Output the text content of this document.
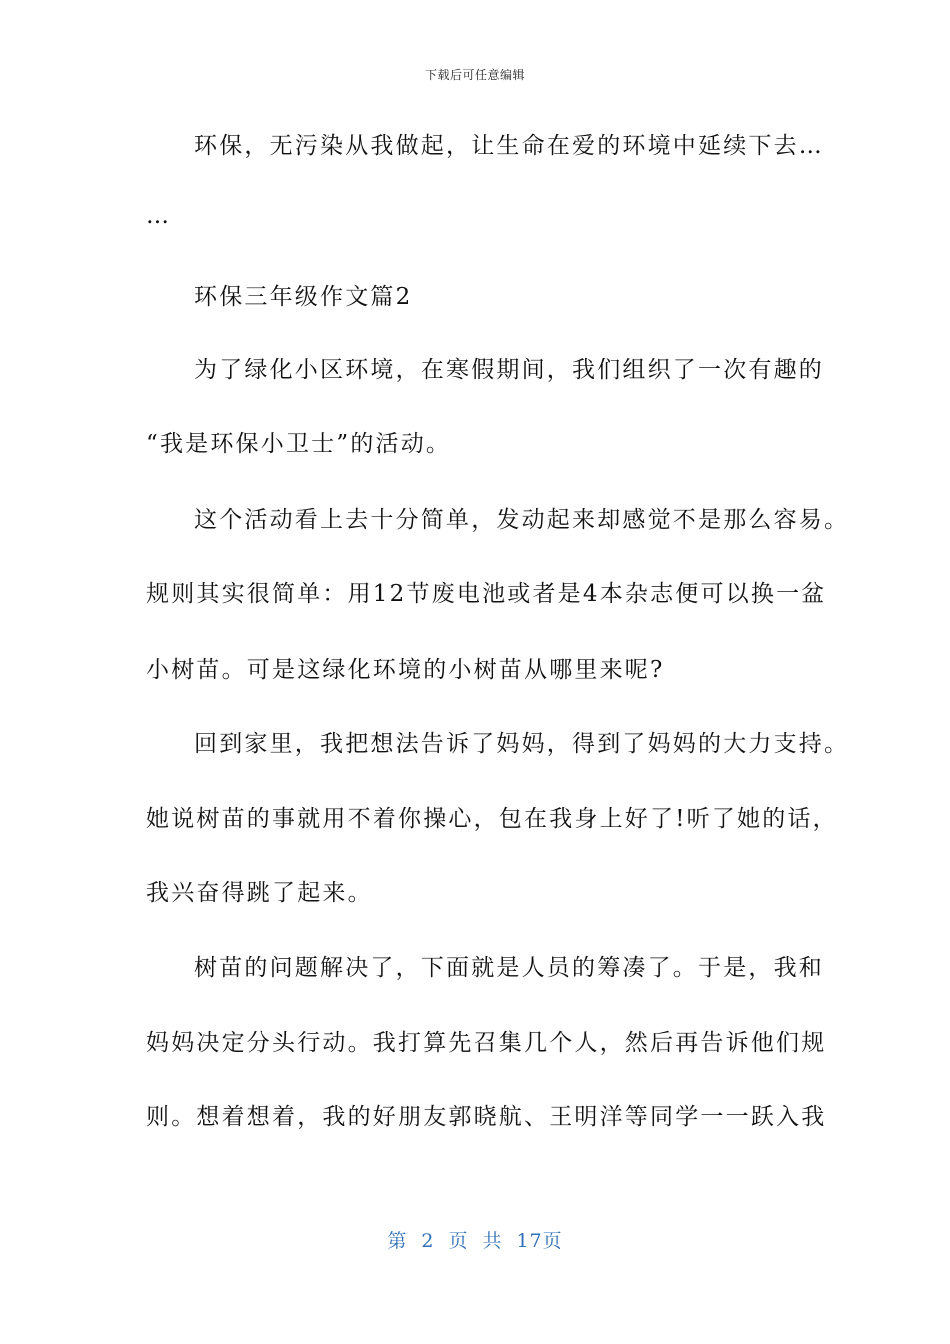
下载后可任意编辑
环保，无污染从我做起，让生命在爱的环境中延续下去…
…
环保三年级作文篇2
为了绿化小区环境，在寒假期间，我们组织了一次有趣的
“我是环保小卫士”的活动。
这个活动看上去十分简单，发动起来却感觉不是那么容易。
规则其实很简单：用12节废电池或者是4本杂志便可以换一盆
小树苗。可是这绿化环境的小树苗从哪里来呢?
回到家里，我把想法告诉了妈妈，得到了妈妈的大力支持。
她说树苗的事就用不着你操心，包在我身上好了!听了她的话，
我兴奋得跳了起来。
树苗的问题解决了，下面就是人员的筹凑了。于是，我和
妈妈决定分头行动。我打算先召集几个人，然后再告诉他们规
则。想着想着，我的好朋友郭晓航、王明洋等同学一一跃入我
第 2 页 共 17页
